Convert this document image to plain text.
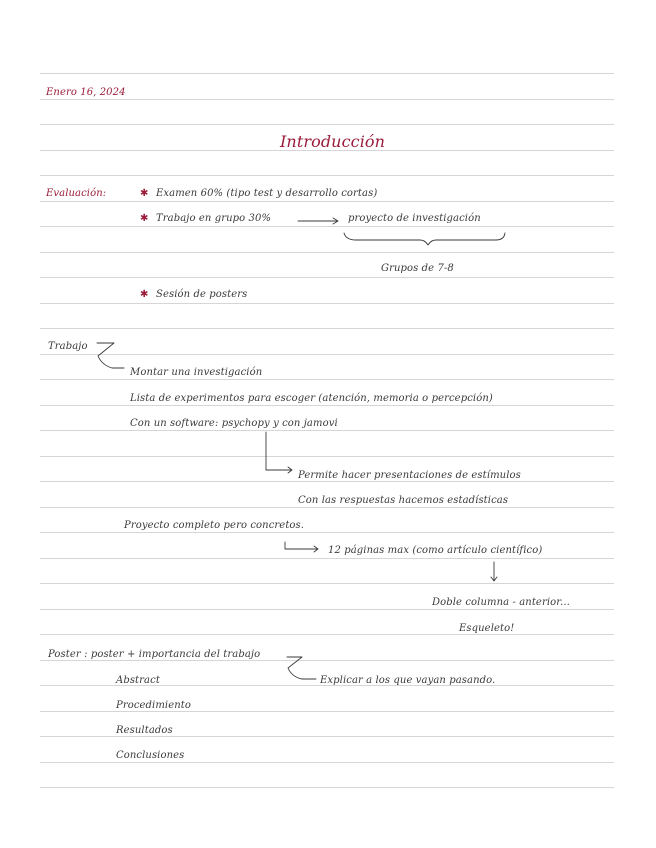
Enero 16, 2024
Introducción
Evaluación:	✱ Examen 60% (tipo test y desarrollo cortas)
✱ Trabajo en grupo 30%	proyecto de investigación
Grupos de 7-8
✱ Sesión de posters
Trabajo
Montar una investigación
Lista de experimentos para escoger (atención, memoria o percepción)
Con un software: psychopy y con jamovi
Permite hacer presentaciones de estímulos
Con las respuestas hacemos estadísticas
Proyecto completo pero concretos.
12 páginas max (como artículo científico)
Doble columna - anterior...
Esqueleto!
Poster : poster + importancia del trabajo
Explicar a los que vayan pasando.
Abstract
Procedimiento
Resultados
Conclusiones
